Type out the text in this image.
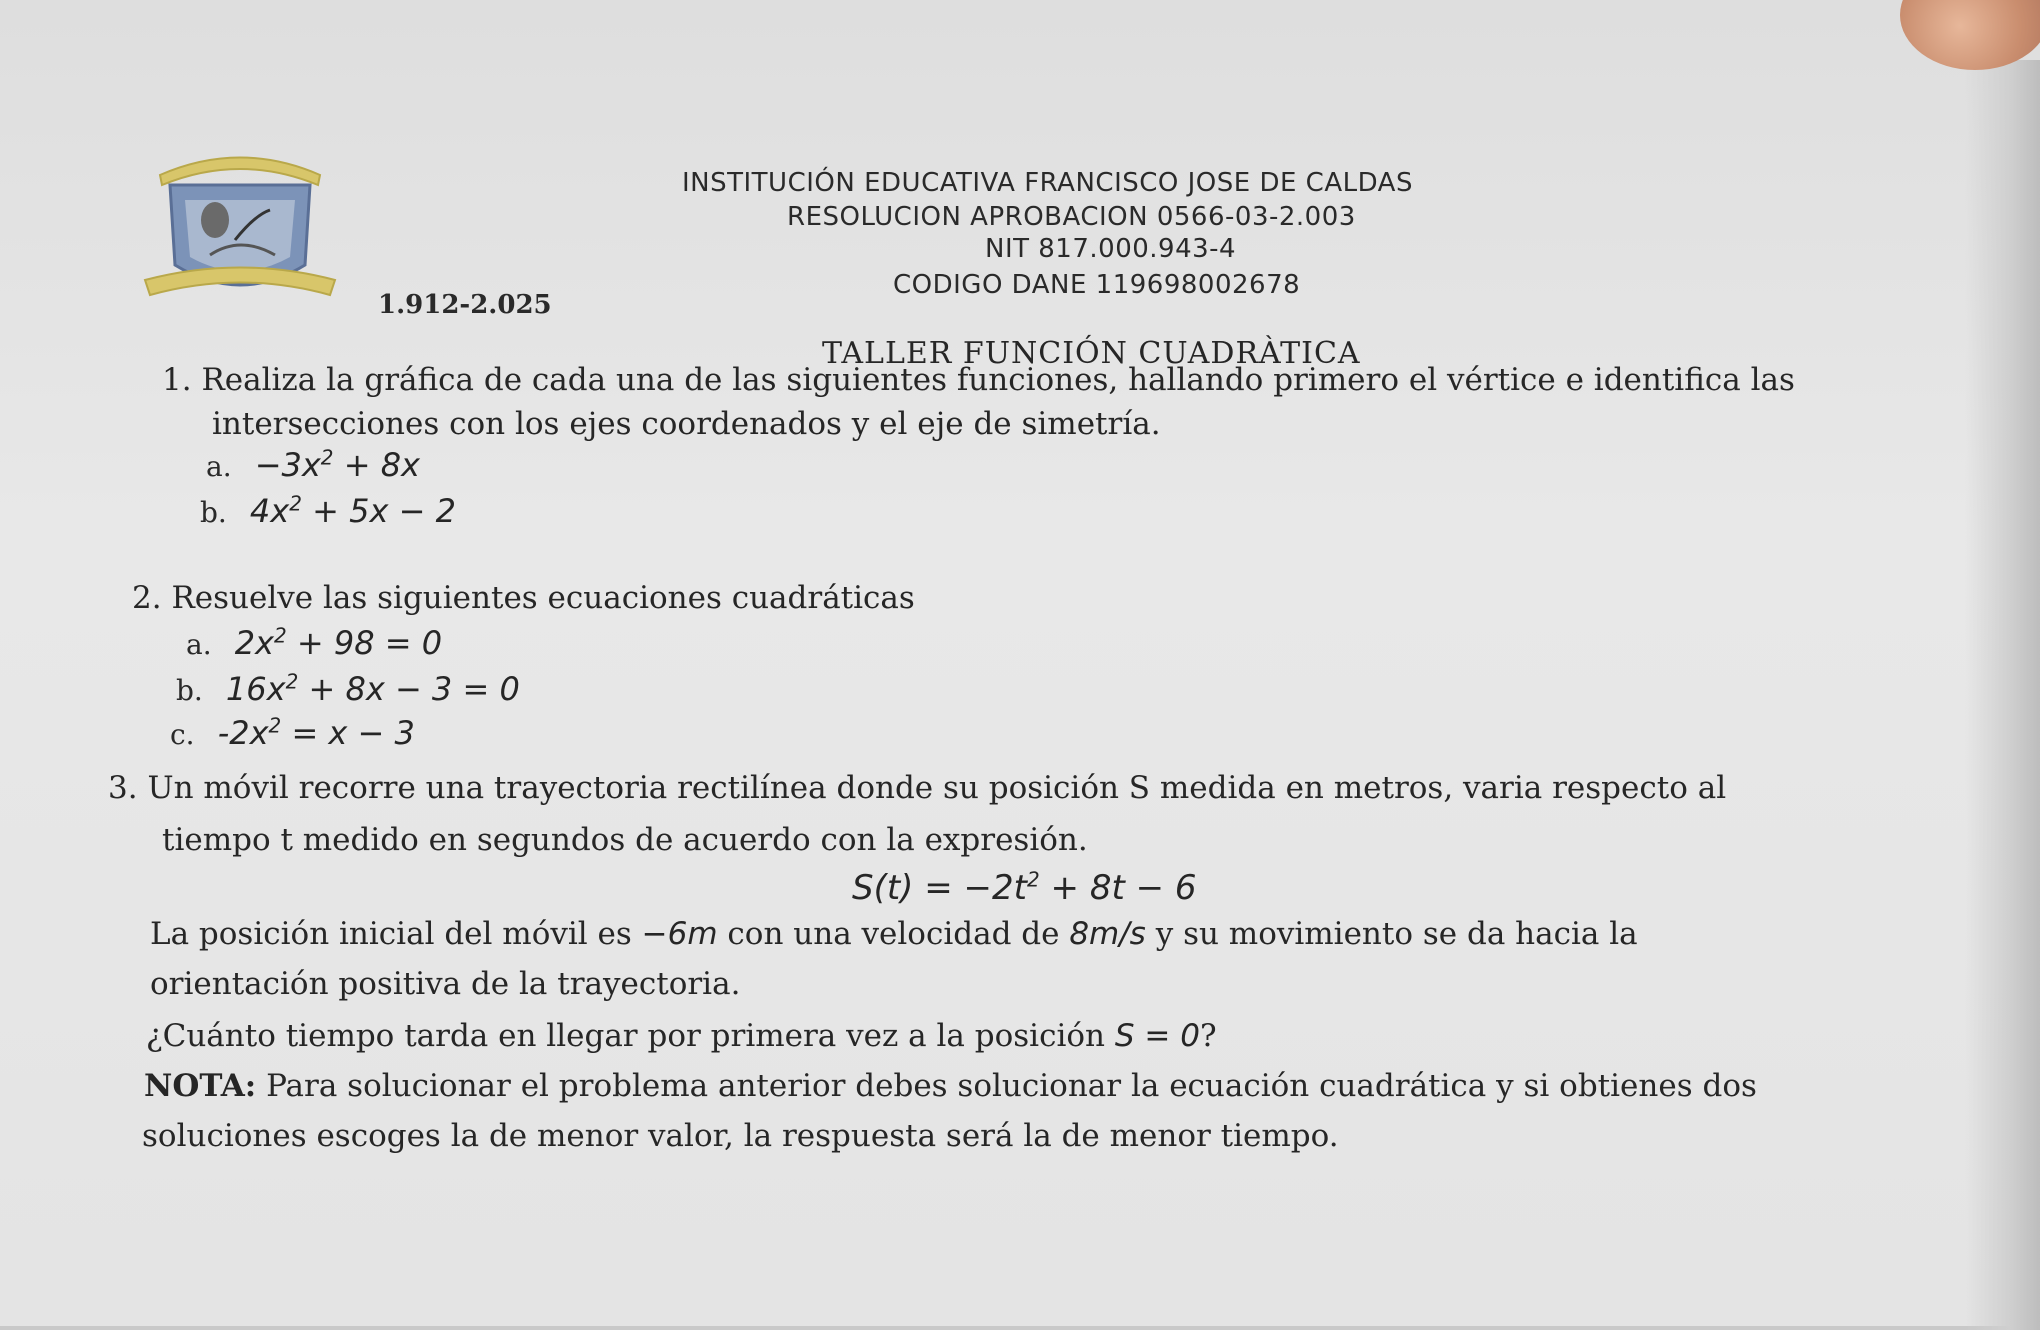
INSTITUCIÓN EDUCATIVA FRANCISCO JOSE DE CALDAS
RESOLUCION APROBACION 0566-03-2.003
NIT 817.000.943-4
CODIGO DANE 119698002678
1.912-2.025
TALLER FUNCIÓN CUADRÀTICA
1. Realiza la gráfica de cada una de las siguientes funciones, hallando primero el vértice e identifica las
intersecciones con los ejes coordenados y el eje de simetría.
a. $-3x^2 + 8x$
b. $4x^2 + 5x - 2$
2. Resuelve las siguientes ecuaciones cuadráticas
a. $2x^2 + 98 = 0$
b. $16x^2 + 8x - 3 = 0$
c. $-2x^2 = x - 3$
3. Un móvil recorre una trayectoria rectilínea donde su posición S medida en metros, varia respecto al
tiempo t medido en segundos de acuerdo con la expresión.
$S(t) = -2t^2 + 8t - 6$
La posición inicial del móvil es −6m con una velocidad de 8m/s y su movimiento se da hacia la
orientación positiva de la trayectoria.
¿Cuánto tiempo tarda en llegar por primera vez a la posición S = 0?
NOTA: Para solucionar el problema anterior debes solucionar la ecuación cuadrática y si obtienes dos
soluciones escoges la de menor valor, la respuesta será la de menor tiempo.
